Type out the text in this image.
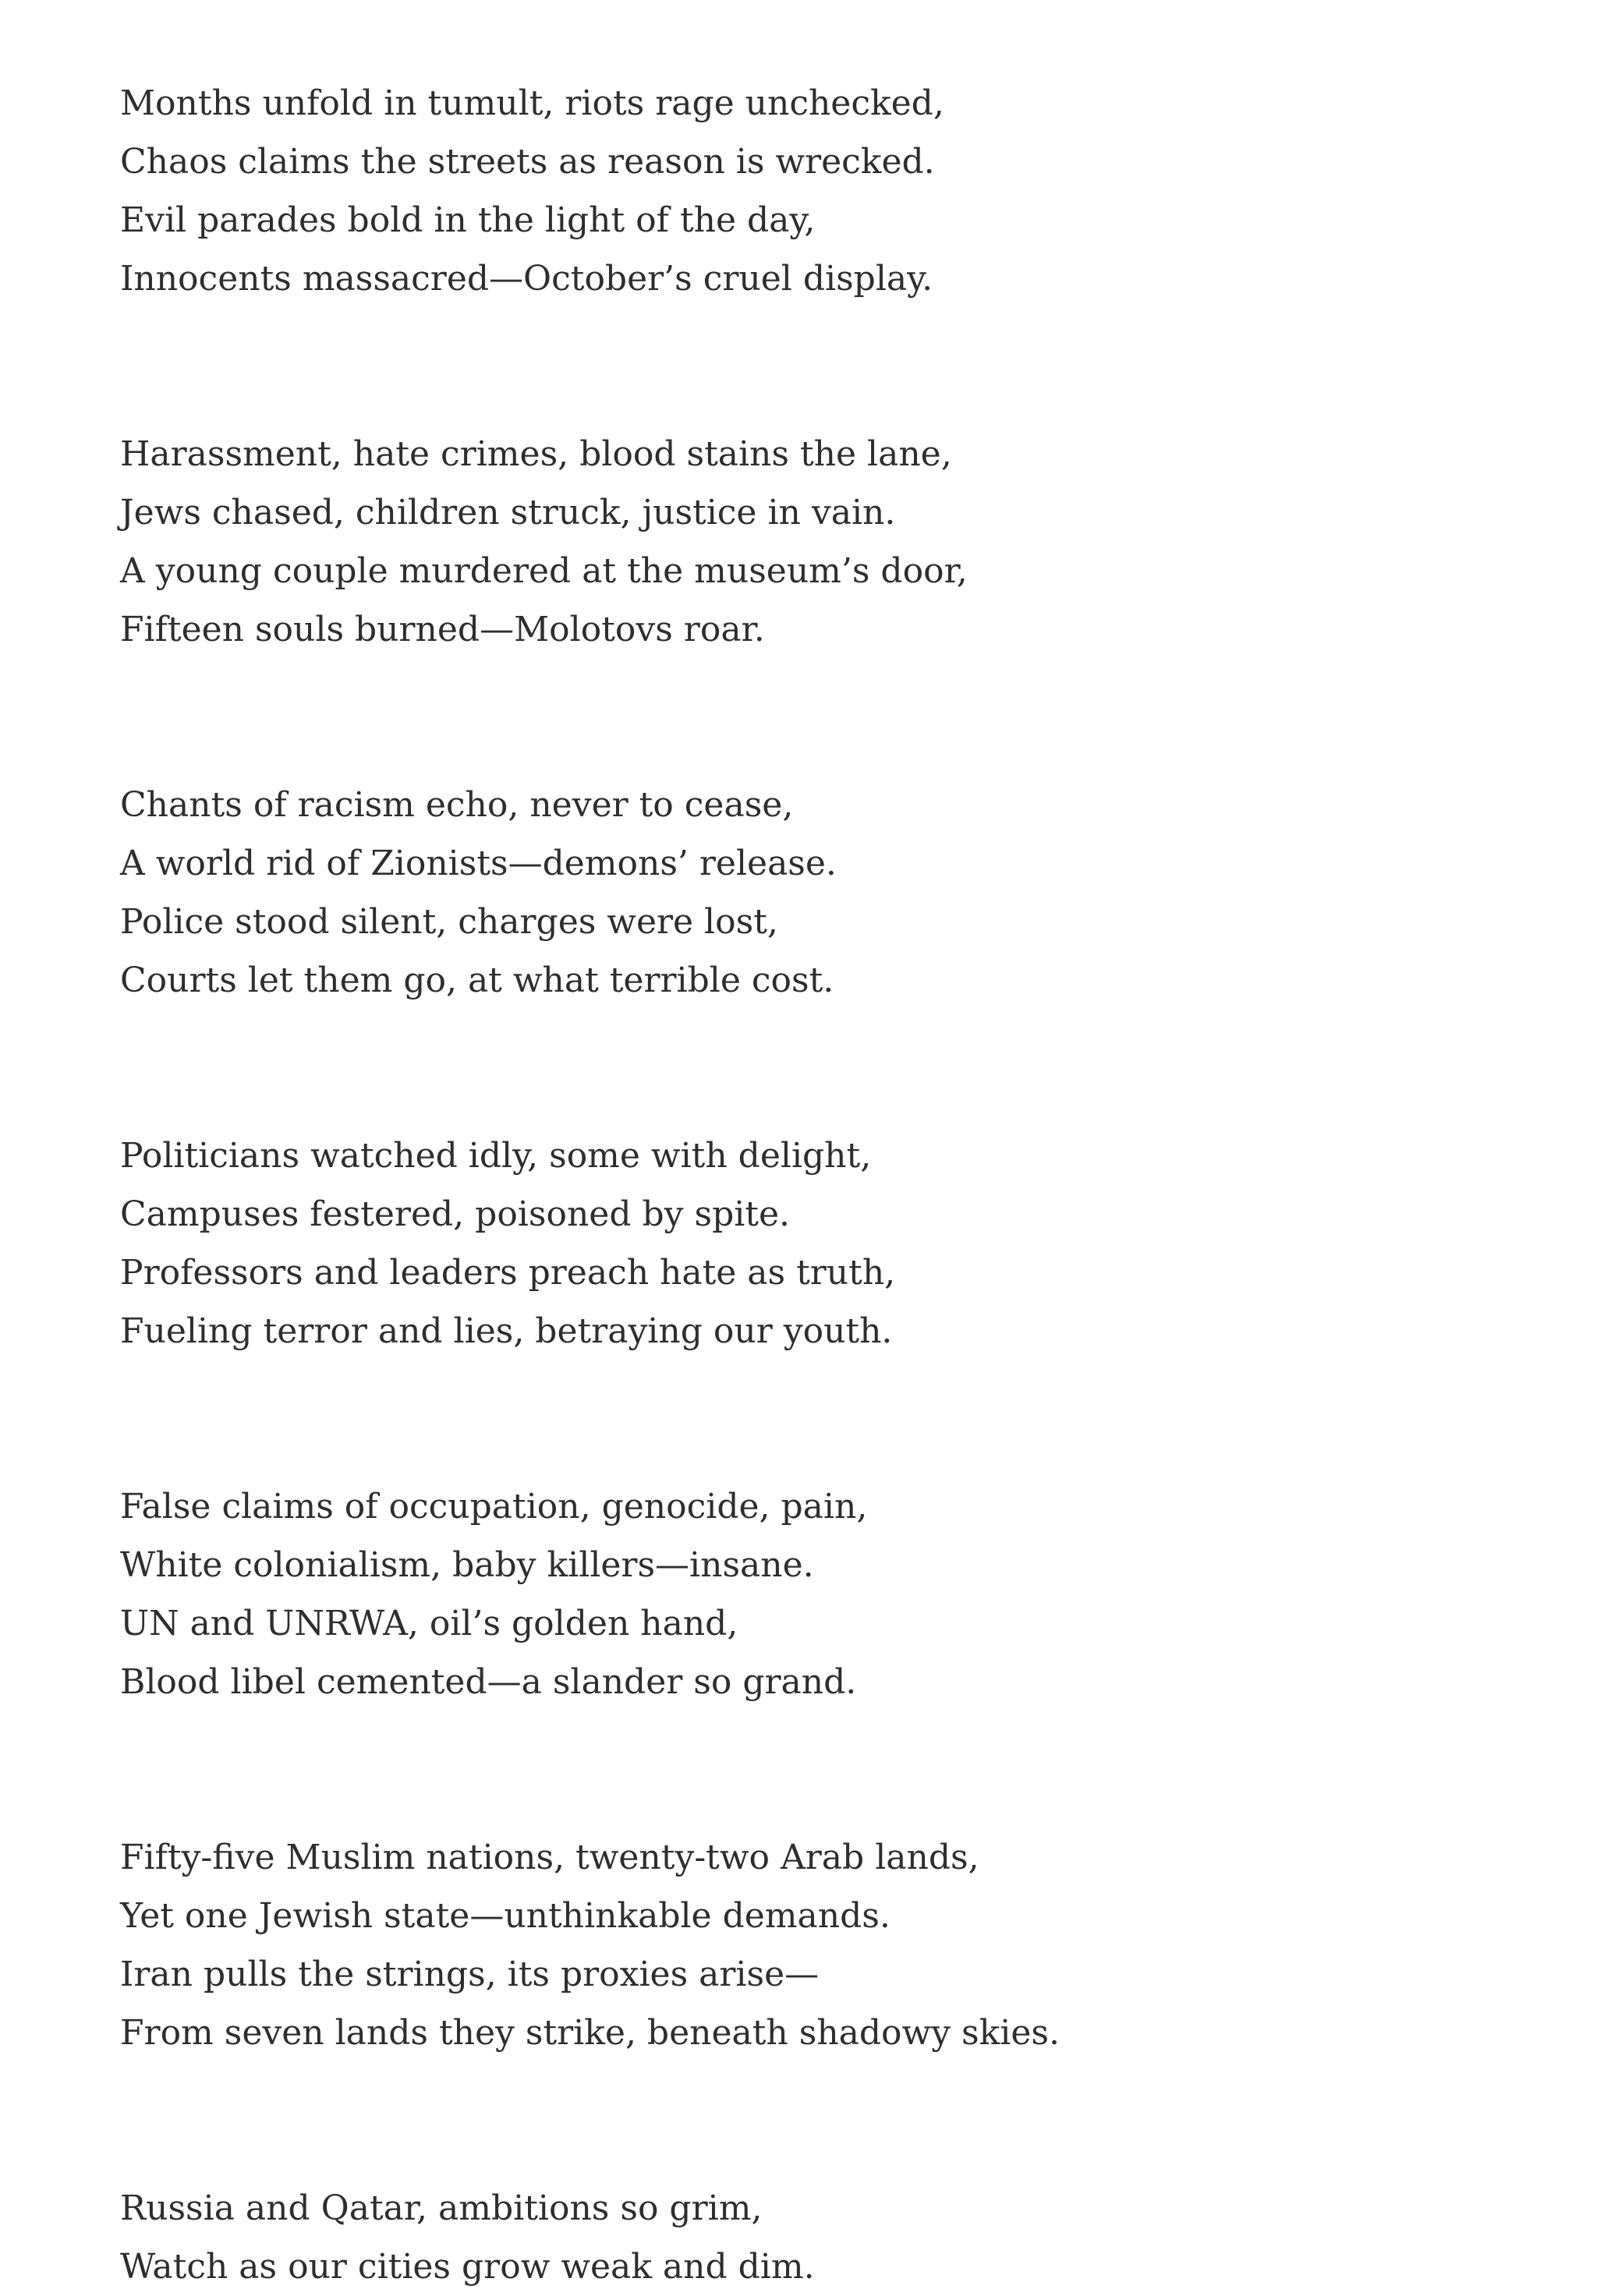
Months unfold in tumult, riots rage unchecked,
Chaos claims the streets as reason is wrecked.
Evil parades bold in the light of the day,
Innocents massacred—October’s cruel display.
Harassment, hate crimes, blood stains the lane,
Jews chased, children struck, justice in vain.
A young couple murdered at the museum’s door,
Fifteen souls burned—Molotovs roar.
Chants of racism echo, never to cease,
A world rid of Zionists—demons’ release.
Police stood silent, charges were lost,
Courts let them go, at what terrible cost.
Politicians watched idly, some with delight,
Campuses festered, poisoned by spite.
Professors and leaders preach hate as truth,
Fueling terror and lies, betraying our youth.
False claims of occupation, genocide, pain,
White colonialism, baby killers—insane.
UN and UNRWA, oil’s golden hand,
Blood libel cemented—a slander so grand.
Fifty-five Muslim nations, twenty-two Arab lands,
Yet one Jewish state—unthinkable demands.
Iran pulls the strings, its proxies arise—
From seven lands they strike, beneath shadowy skies.
Russia and Qatar, ambitions so grim,
Watch as our cities grow weak and dim.
